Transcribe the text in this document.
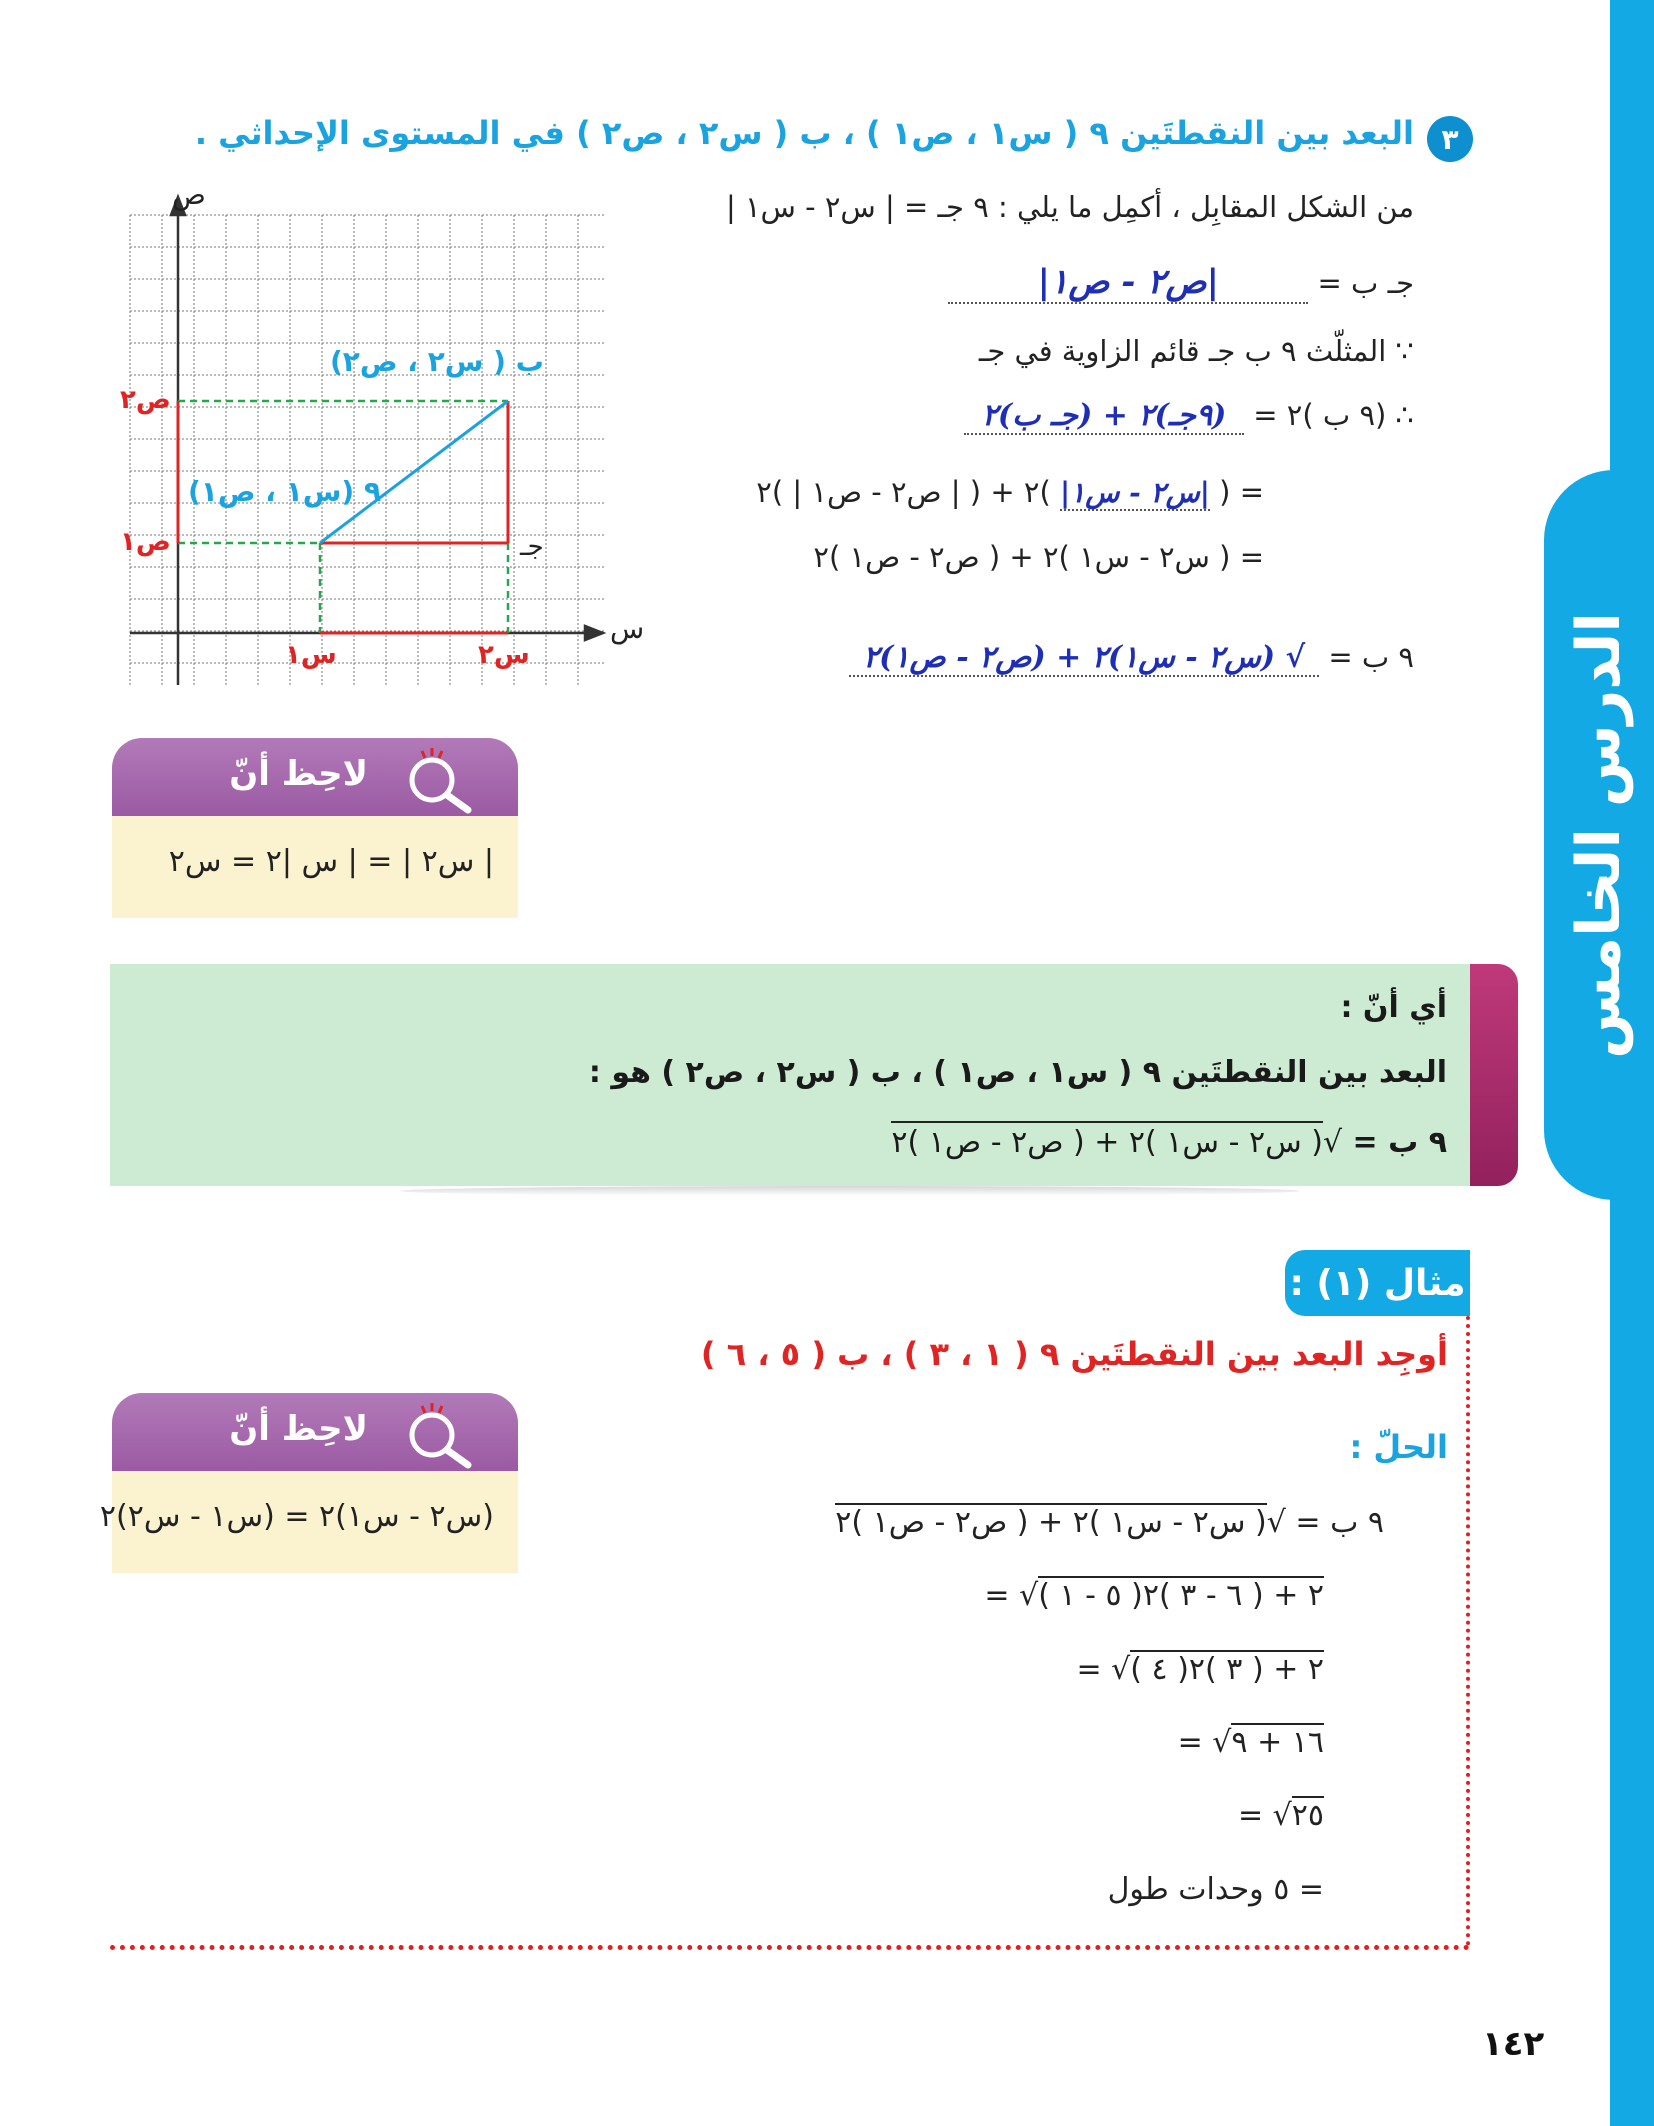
الدرس الخامس
٣
البعد بين النقطتَين ٩ ( س١ ، ص١ ) ، ب ( س٢ ، ص٢ ) في المستوى الإحداثي .
ص
س
س١	س٢
ص٢
ص١
٩ (س١ ، ص١)
ب ( س٢ ، ص٢)
جـ
من الشكل المقابِل ، أكمِل ما يلي : ٩ جـ = | س٢ - س١ |
جـ ب = |ص٢ - ص١|
∵ المثلّث ٩ ب جـ قائم الزاوية في جـ
∴ (٩ ب )٢ = (٩جـ)٢ + (جـ ب)٢
= ( |س٢ - س١| )٢ + ( | ص٢ - ص١ | )٢
= ( س٢ - س١ )٢ + ( ص٢ - ص١ )٢
٩ ب = √ (س٢ - س١)٢ + (ص٢ - ص١)٢
لاحِظ أنّ
| س٢ | = | س |٢ = س٢
أي أنّ :
البعد بين النقطتَين ٩ ( س١ ، ص١ ) ، ب ( س٢ ، ص٢ ) هو :
٩ ب = √( س٢ - س١ )٢ + ( ص٢ - ص١ )٢
مثال (١) :
أوجِد البعد بين النقطتَين ٩ ( ١ ، ٣ ) ، ب ( ٥ ، ٦ )
الحلّ :
٩ ب = √( س٢ - س١ )٢ + ( ص٢ - ص١ )٢
= √( ٥ - ١ )٢ + ( ٦ - ٣ )٢
= √( ٤ )٢ + ( ٣ )٢
= √١٦ + ٩
= √٢٥
= ٥ وحدات طول
لاحِظ أنّ
(س٢ - س١)٢ = (س١ - س٢)٢
١٤٢
